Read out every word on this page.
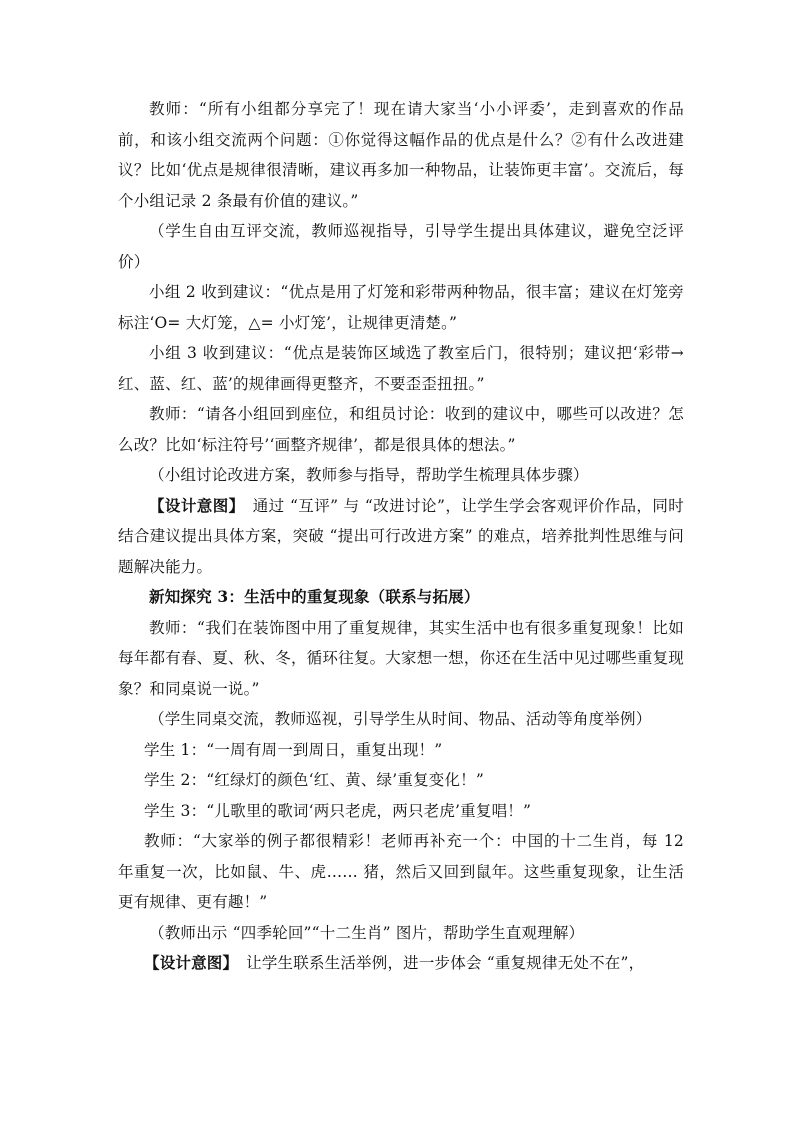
教师：“所有小组都分享完了！现在请大家当‘小小评委’，走到喜欢的作品前，和该小组交流两个问题：①你觉得这幅作品的优点是什么？②有什么改进建议？比如‘优点是规律很清晰，建议再多加一种物品，让装饰更丰富’。交流后，每个小组记录 2 条最有价值的建议。”

（学生自由互评交流，教师巡视指导，引导学生提出具体建议，避免空泛评价）

小组 2 收到建议：“优点是用了灯笼和彩带两种物品，很丰富；建议在灯笼旁标注‘O= 大灯笼，△= 小灯笼’，让规律更清楚。”

小组 3 收到建议：“优点是装饰区域选了教室后门，很特别；建议把‘彩带→红、蓝、红、蓝’的规律画得更整齐，不要歪歪扭扭。”

教师：“请各小组回到座位，和组员讨论：收到的建议中，哪些可以改进？怎么改？比如‘标注符号’‘画整齐规律’，都是很具体的想法。”

（小组讨论改进方案，教师参与指导，帮助学生梳理具体步骤）

【设计意图】　通过 “互评” 与 “改进讨论”，让学生学会客观评价作品，同时结合建议提出具体方案，突破 “提出可行改进方案” 的难点，培养批判性思维与问题解决能力。

新知探究 3：生活中的重复现象（联系与拓展）

教师：“我们在装饰图中用了重复规律，其实生活中也有很多重复现象！比如每年都有春、夏、秋、冬，循环往复。大家想一想，你还在生活中见过哪些重复现象？和同桌说一说。”

（学生同桌交流，教师巡视，引导学生从时间、物品、活动等角度举例）

学生 1：“一周有周一到周日，重复出现！”

学生 2：“红绿灯的颜色‘红、黄、绿’重复变化！”

学生 3：“儿歌里的歌词‘两只老虎，两只老虎’重复唱！”

教师：“大家举的例子都很精彩！老师再补充一个：中国的十二生肖，每 12 年重复一次，比如鼠、牛、虎…… 猪，然后又回到鼠年。这些重复现象，让生活更有规律、更有趣！”

（教师出示 “四季轮回”“十二生肖” 图片，帮助学生直观理解）

【设计意图】　让学生联系生活举例，进一步体会 “重复规律无处不在”，
